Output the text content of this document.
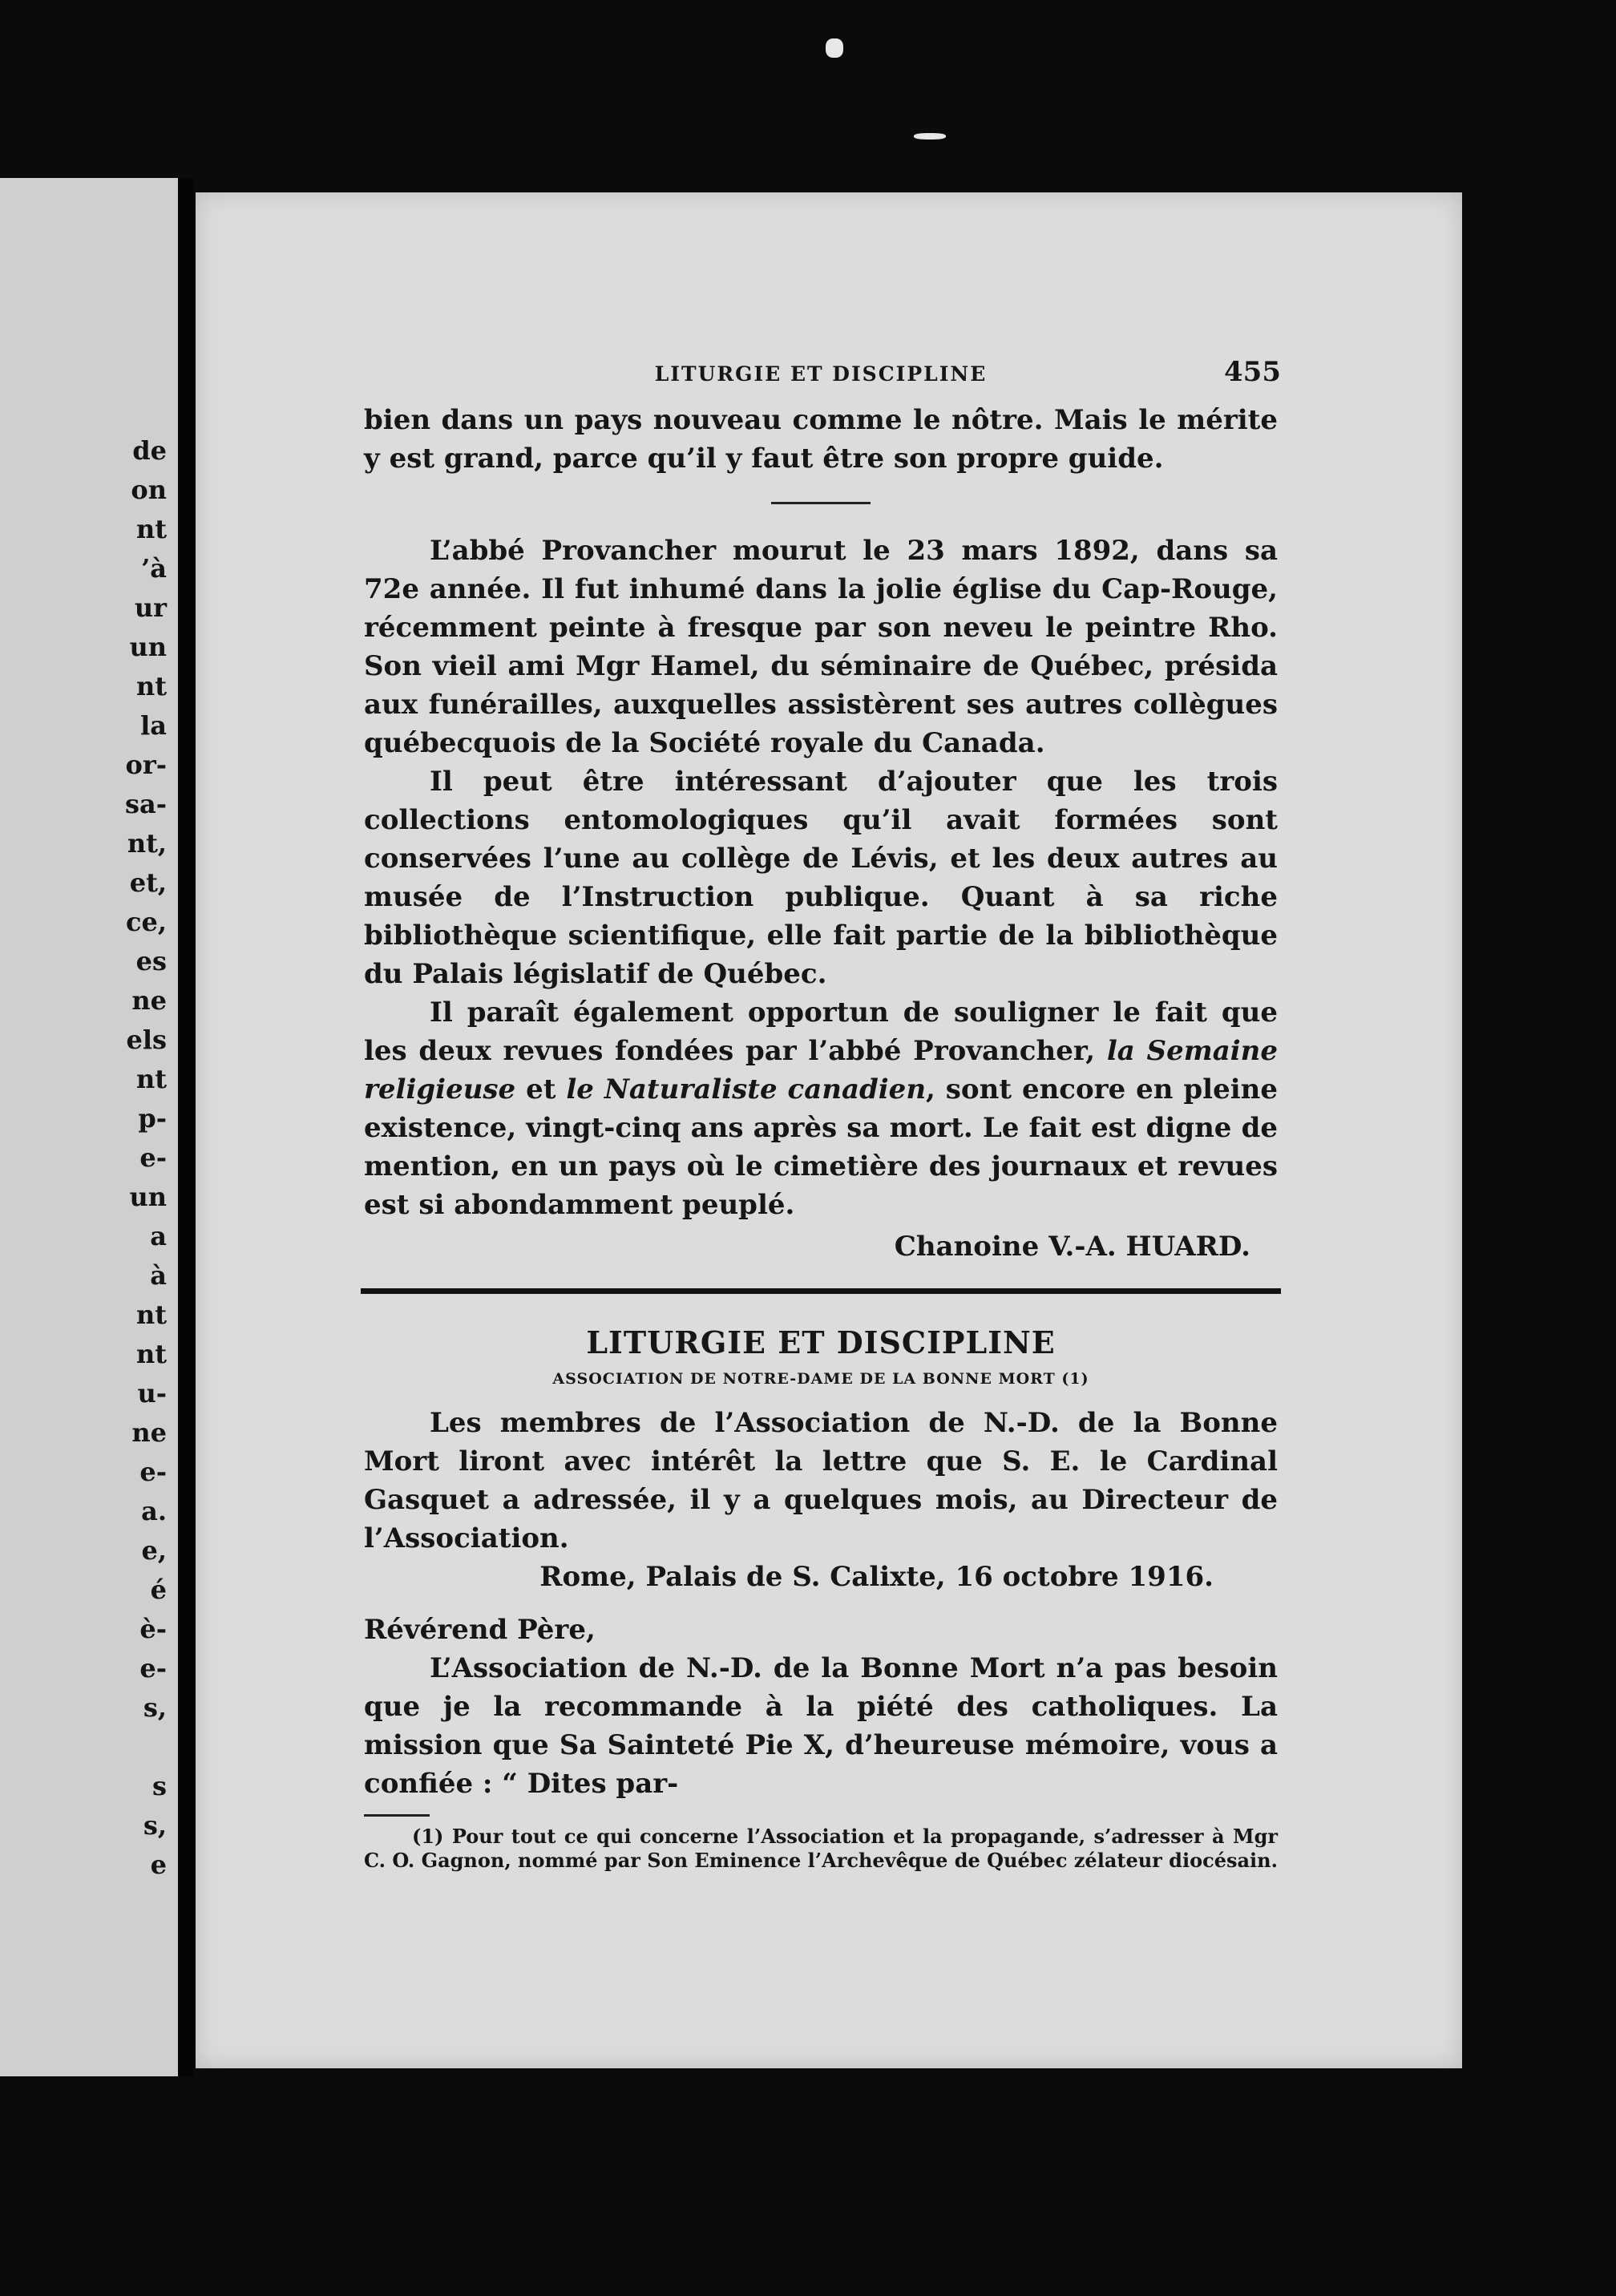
de
on
nt
’à
ur
un
nt
la
or-
sa-
nt,
et,
ce,
es
ne
els
nt
p-
e-
un
a
à
nt
nt
u-
ne
e-
a.
e,
é
è-
e-
s,
s
s,
e
LITURGIE ET DISCIPLINE	455

bien dans un pays nouveau comme le nôtre. Mais le mérite y est grand, parce qu’il y faut être son propre guide.

L’abbé Provancher mourut le 23 mars 1892, dans sa 72e année. Il fut inhumé dans la jolie église du Cap-Rouge, récemment peinte à fresque par son neveu le peintre Rho. Son vieil ami Mgr Hamel, du séminaire de Québec, présida aux funérailles, auxquelles assistèrent ses autres collègues québecquois de la Société royale du Canada.

Il peut être intéressant d’ajouter que les trois collections entomologiques qu’il avait formées sont conservées l’une au collège de Lévis, et les deux autres au musée de l’Instruction publique. Quant à sa riche bibliothèque scientifique, elle fait partie de la bibliothèque du Palais législatif de Québec.

Il paraît également opportun de souligner le fait que les deux revues fondées par l’abbé Provancher, la Semaine religieuse et le Naturaliste canadien, sont encore en pleine existence, vingt-cinq ans après sa mort. Le fait est digne de mention, en un pays où le cimetière des journaux et revues est si abondamment peuplé.

Chanoine V.-A. HUARD.
LITURGIE ET DISCIPLINE
ASSOCIATION DE NOTRE-DAME DE LA BONNE MORT (1)

Les membres de l’Association de N.-D. de la Bonne Mort liront avec intérêt la lettre que S. E. le Cardinal Gasquet a adressée, il y a quelques mois, au Directeur de l’Association.

Rome, Palais de S. Calixte, 16 octobre 1916.
Révérend Père,

L’Association de N.-D. de la Bonne Mort n’a pas besoin que je la recommande à la piété des catholiques. La mission que Sa Sainteté Pie X, d’heureuse mémoire, vous a confiée : “ Dites par-

(1) Pour tout ce qui concerne l’Association et la propagande, s’adresser à Mgr C. O. Gagnon, nommé par Son Eminence l’Archevêque de Québec zélateur diocésain.
